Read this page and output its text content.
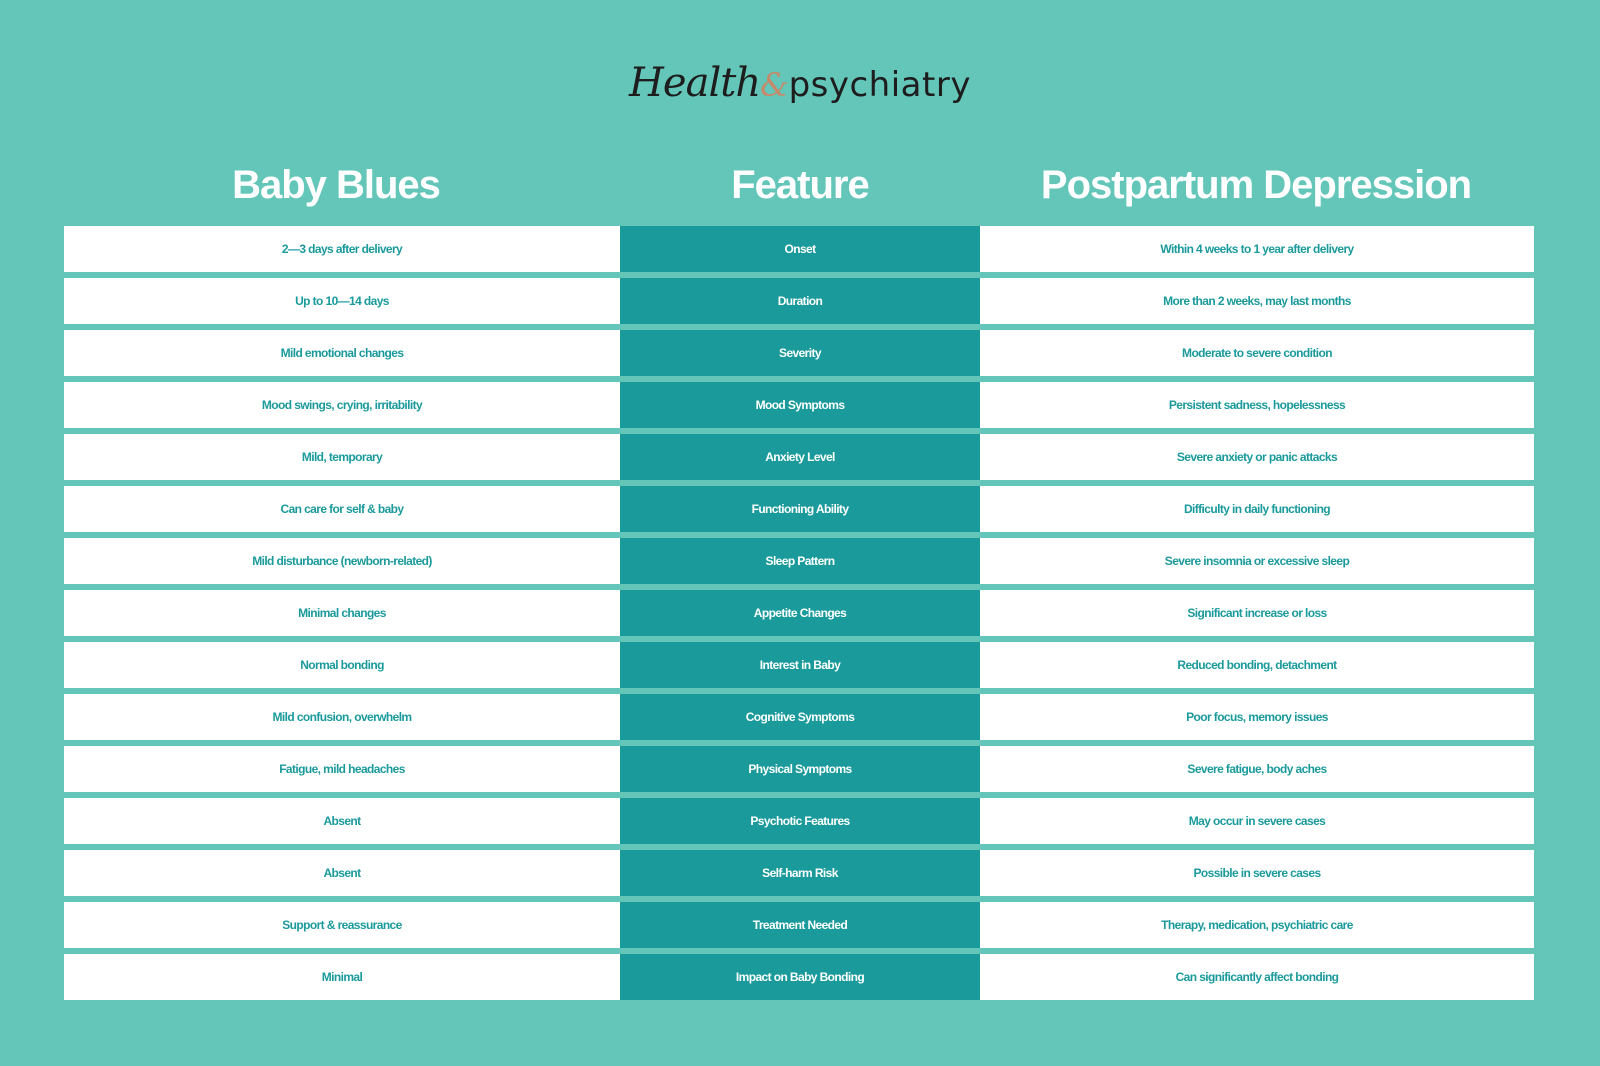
Health&psychiatry
Baby Blues	Feature	Postpartum Depression
2—3 days after delivery	Onset	Within 4 weeks to 1 year after delivery
Up to 10—14 days	Duration	More than 2 weeks, may last months
Mild emotional changes	Severity	Moderate to severe condition
Mood swings, crying, irritability	Mood Symptoms	Persistent sadness, hopelessness
Mild, temporary	Anxiety Level	Severe anxiety or panic attacks
Can care for self & baby	Functioning Ability	Difficulty in daily functioning
Mild disturbance (newborn-related)	Sleep Pattern	Severe insomnia or excessive sleep
Minimal changes	Appetite Changes	Significant increase or loss
Normal bonding	Interest in Baby	Reduced bonding, detachment
Mild confusion, overwhelm	Cognitive Symptoms	Poor focus, memory issues
Fatigue, mild headaches	Physical Symptoms	Severe fatigue, body aches
Absent	Psychotic Features	May occur in severe cases
Absent	Self-harm Risk	Possible in severe cases
Support & reassurance	Treatment Needed	Therapy, medication, psychiatric care
Minimal	Impact on Baby Bonding	Can significantly affect bonding
